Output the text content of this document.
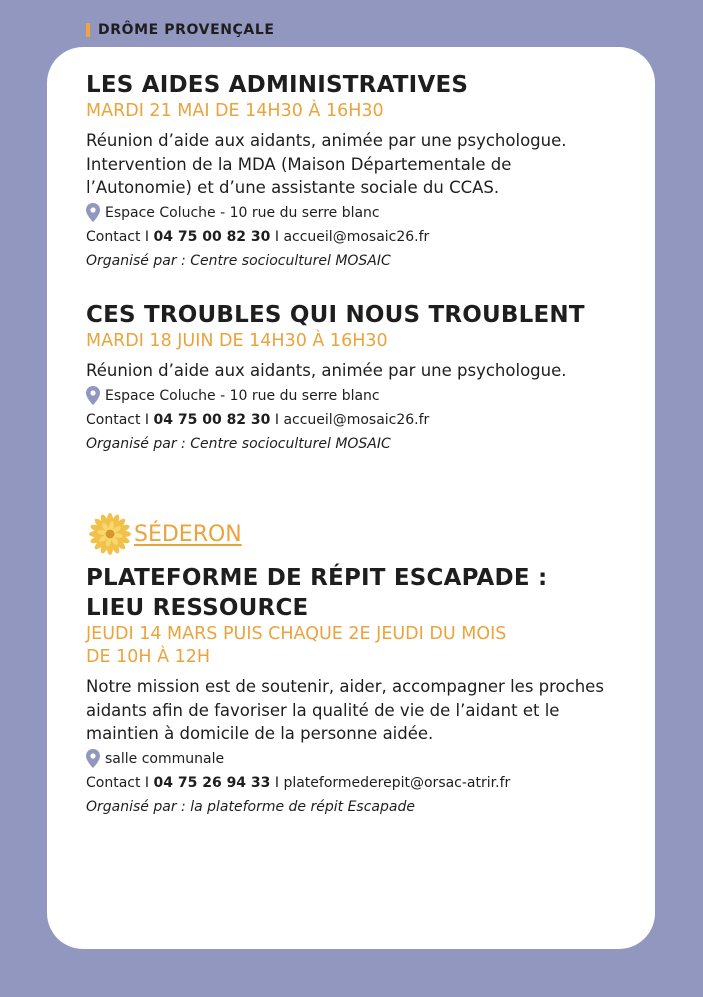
DRÔME PROVENÇALE
LES AIDES ADMINISTRATIVES

MARDI 21 MAI DE 14H30 À 16H30

Réunion d’aide aux aidants, animée par une psychologue.
Intervention de la MDA (Maison Départementale de
l’Autonomie) et d’une assistante sociale du CCAS.
Espace Coluche - 10 rue du serre blanc
Contact I 04 75 00 82 30 I accueil@mosaic26.fr
Organisé par : Centre socioculturel MOSAIC
CES TROUBLES QUI NOUS TROUBLENT

MARDI 18 JUIN DE 14H30 À 16H30

Réunion d’aide aux aidants, animée par une psychologue.
Espace Coluche - 10 rue du serre blanc
Contact I 04 75 00 82 30 I accueil@mosaic26.fr
Organisé par : Centre socioculturel MOSAIC
SÉDERON
PLATEFORME DE RÉPIT ESCAPADE :
LIEU RESSOURCE

JEUDI 14 MARS PUIS CHAQUE 2E JEUDI DU MOIS
DE 10H À 12H

Notre mission est de soutenir, aider, accompagner les proches
aidants afin de favoriser la qualité de vie de l’aidant et le
maintien à domicile de la personne aidée.
salle communale
Contact I 04 75 26 94 33 I plateformederepit@orsac-atrir.fr
Organisé par : la plateforme de répit Escapade
